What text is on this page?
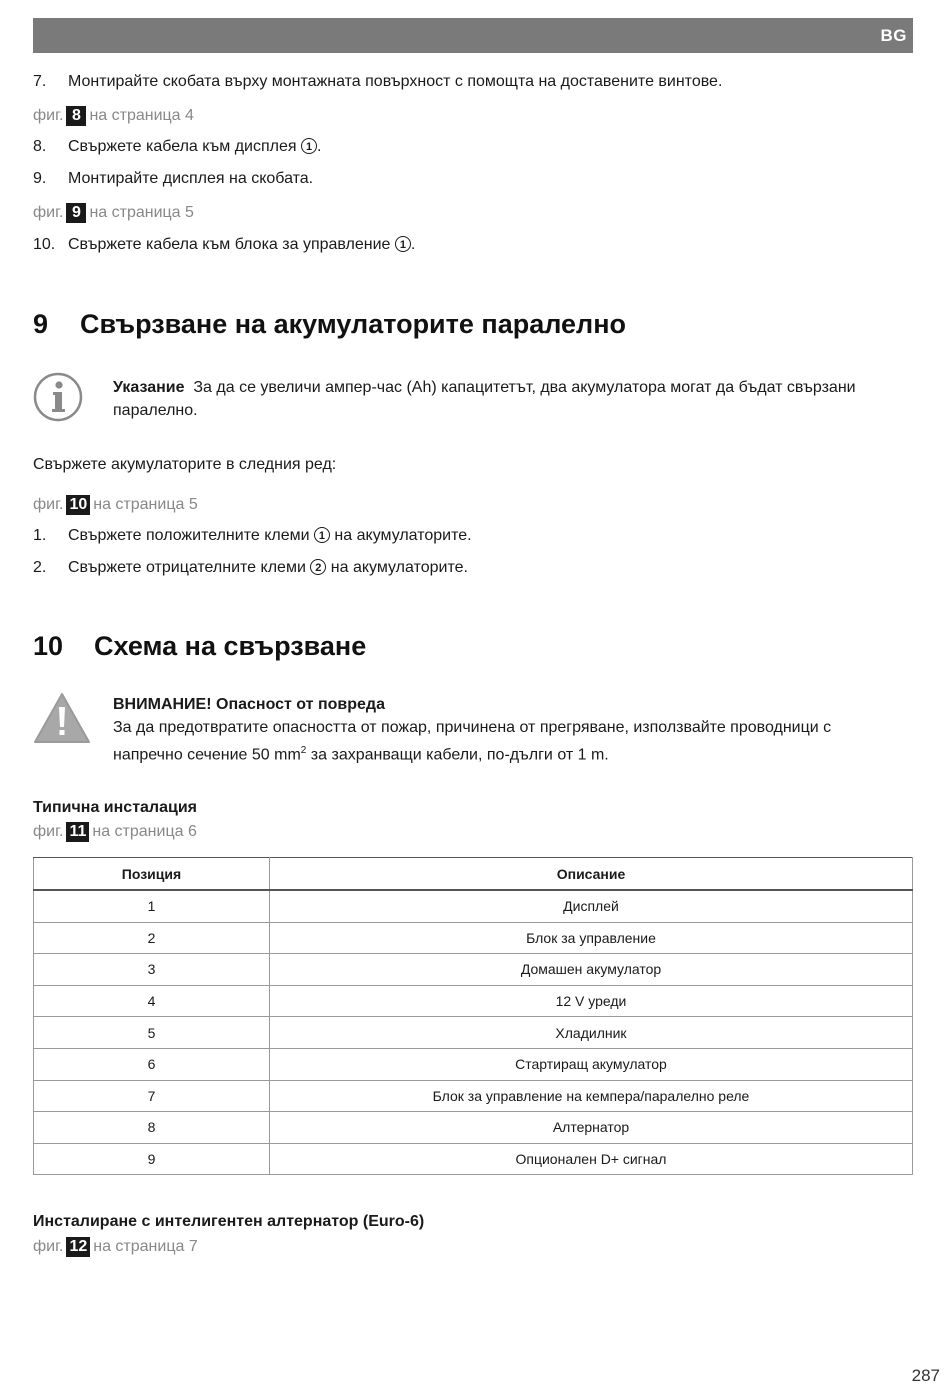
BG
7. Монтирайте скобата върху монтажната повърхност с помощта на доставените винтове.
фиг. 8 на страница 4
8. Свържете кабела към дисплея 1 .
9. Монтирайте дисплея на скобата.
фиг. 9 на страница 5
10. Свържете кабела към блока за управление 1 .
9 Свързване на акумулаторите паралелно
Указание За да се увеличи ампер-час (Ah) капацитетът, два акумулатора могат да бъдат свързани паралелно.
Свържете акумулаторите в следния ред:
фиг. 10 на страница 5
1. Свържете положителните клеми 1 на акумулаторите.
2. Свържете отрицателните клеми 2 на акумулаторите.
10 Схема на свързване
ВНИМАНИЕ! Опасност от повреда
За да предотвратите опасността от пожар, причинена от прегряване, използвайте проводници с напречно сечение 50 $mm^2$ за захранващи кабели, по-дълги от 1 m.
Типична инсталация
фиг. 11 на страница 6
Позиция	Описание
1	Дисплей
2	Блок за управление
3	Домашен акумулатор
4	12 V уреди
5	Хладилник
6	Стартиращ акумулатор
7	Блок за управление на кемпера/паралелно реле
8	Алтернатор
9	Опционален D+ сигнал
Инсталиране с интелигентен алтернатор (Euro-6)
фиг. 12 на страница 7
287
